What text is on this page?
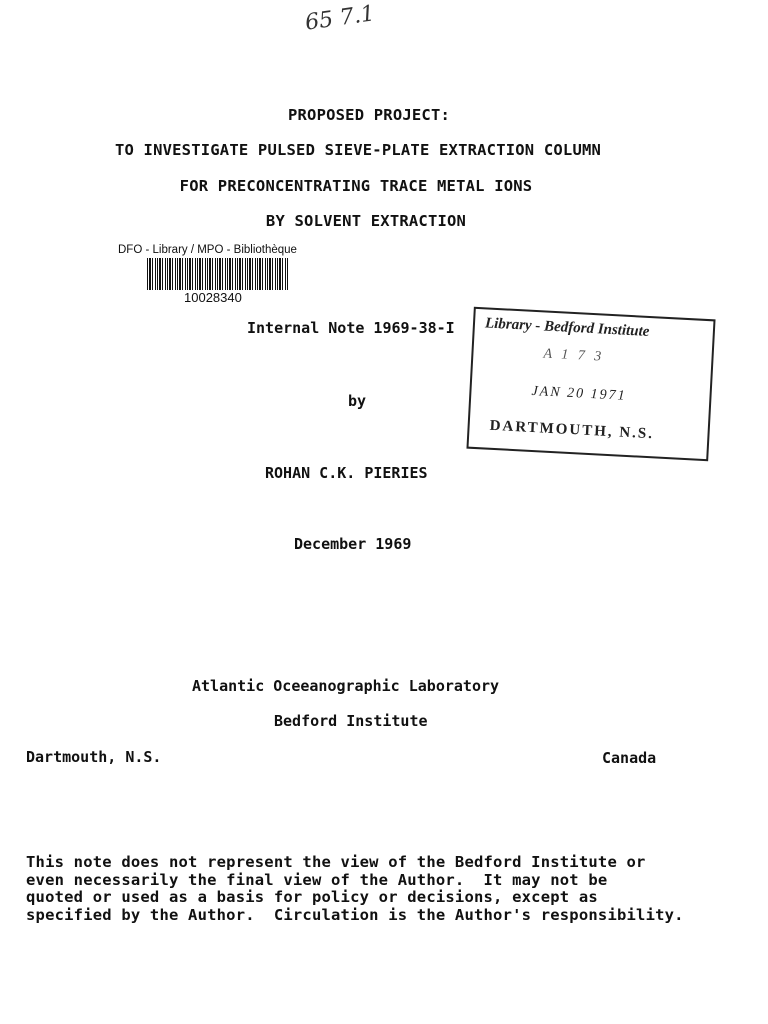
65 7.1
PROPOSED PROJECT:
TO INVESTIGATE PULSED SIEVE-PLATE EXTRACTION COLUMN
FOR PRECONCENTRATING TRACE METAL IONS
BY SOLVENT EXTRACTION
DFO - Library / MPO - Bibliothèque
10028340
Internal Note 1969-38-I Library - Bedford Institute
A 1 7 3
JAN 20 1971
DARTMOUTH, N.S.
by
ROHAN C.K. PIERIES
December 1969
Atlantic Oceeanographic Laboratory
Bedford Institute
Dartmouth, N.S.	Canada
This note does not represent the view of the Bedford Institute or
even necessarily the final view of the Author.  It may not be
quoted or used as a basis for policy or decisions, except as
specified by the Author.  Circulation is the Author's responsibility.
